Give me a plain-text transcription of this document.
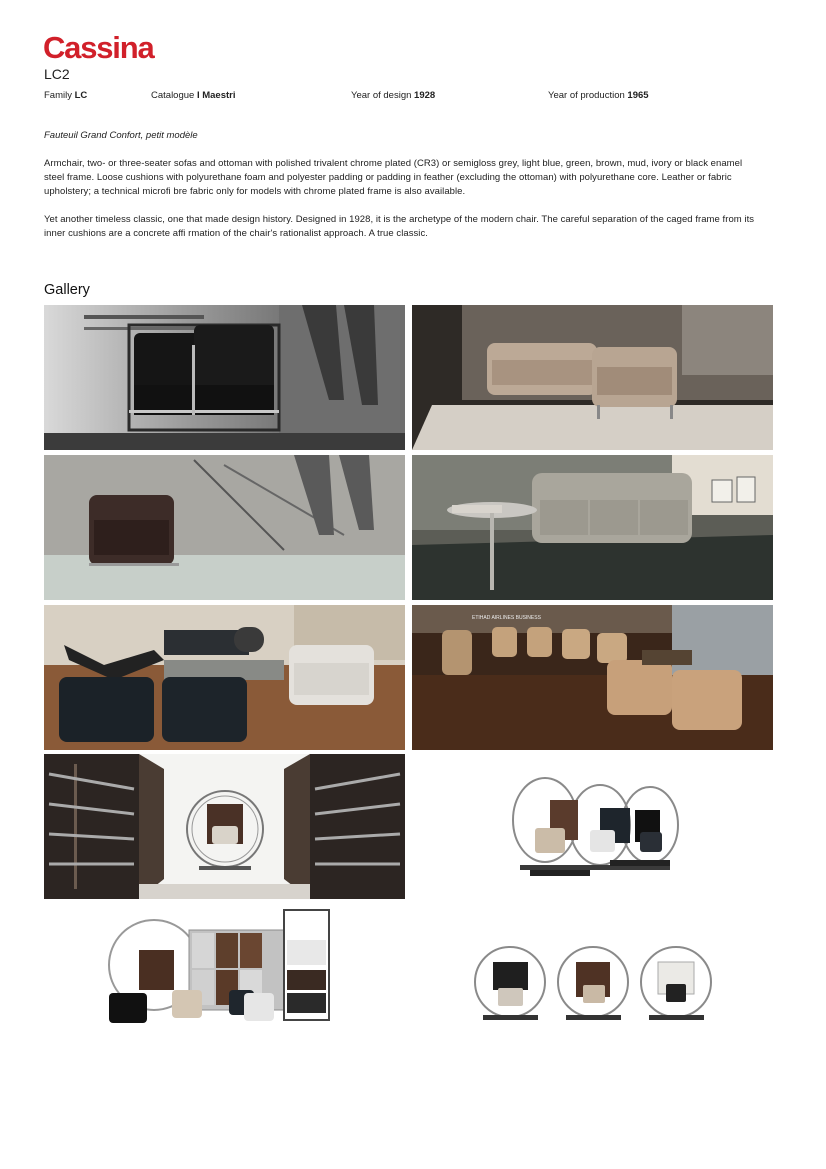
Cassina
LC2
Family LC	Catalogue I Maestri	Year of design 1928	Year of production 1965
Fauteuil Grand Confort, petit modèle
Armchair, two- or three-seater sofas and ottoman with polished trivalent chrome plated (CR3) or semigloss grey, light blue, green, brown, mud, ivory or black enamel steel frame. Loose cushions with polyurethane foam and polyester padding or padding in feather (excluding the ottoman) with polyurethane core. Leather or fabric upholstery; a technical microfi bre fabric only for models with chrome plated frame is also available.
Yet another timeless classic, one that made design history. Designed in 1928, it is the archetype of the modern chair. The careful separation of the caged frame from its inner cushions are a concrete affi rmation of the chair's rationalist approach. A true classic.
Gallery
ETIHAD AIRLINES BUSINESS
